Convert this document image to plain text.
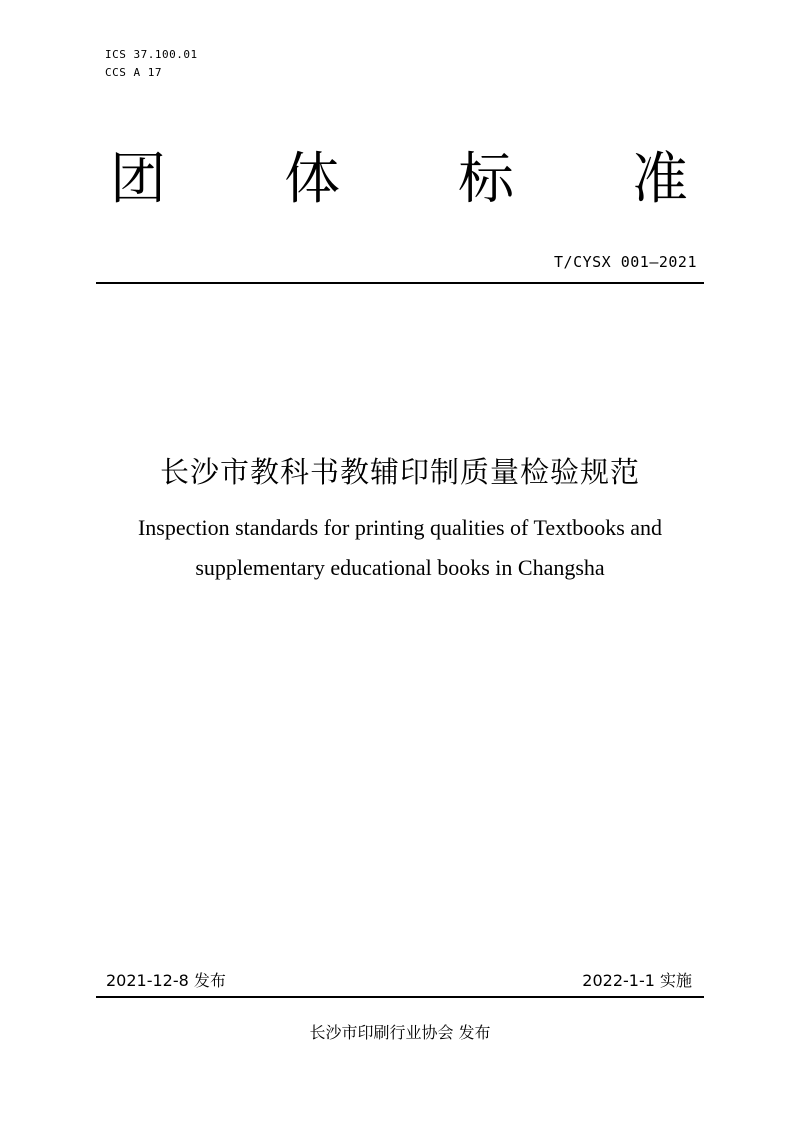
ICS 37.100.01
CCS A 17
团 体 标 准
T/CYSX 001—2021
长沙市教科书教辅印制质量检验规范
Inspection standards for printing qualities of Textbooks and
supplementary educational books in Changsha
2021-12-8 发布	2022-1-1 实施
长沙市印刷行业协会 发布
